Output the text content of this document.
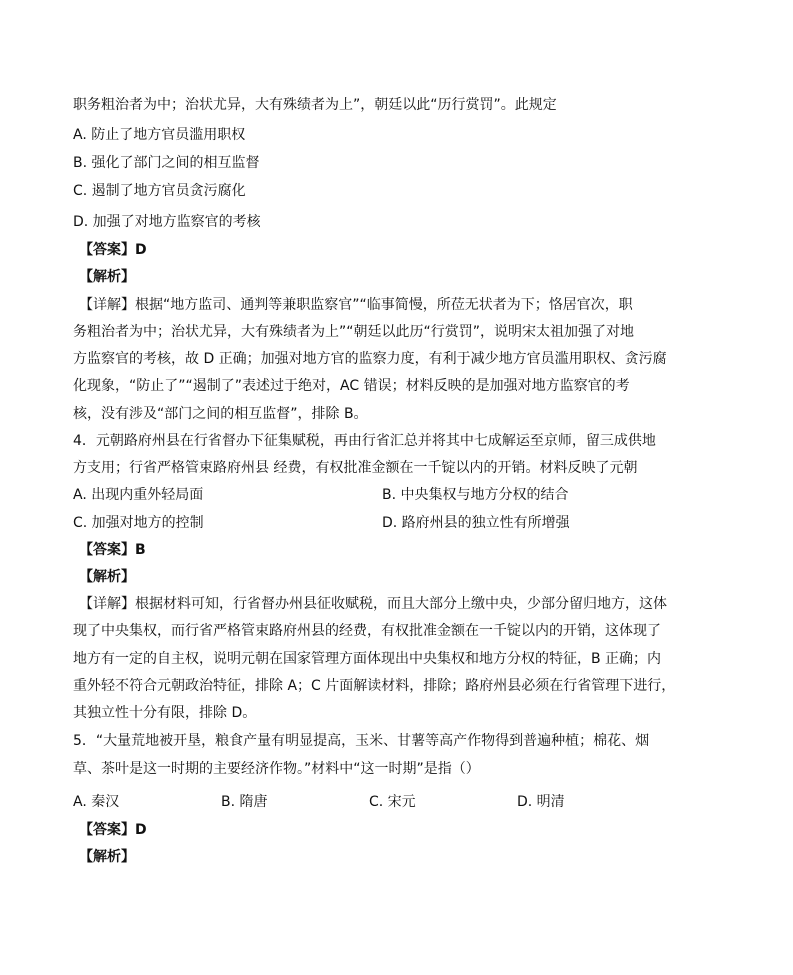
职务粗治者为中；治状尤异，大有殊绩者为上”，朝廷以此“历行赏罚”。此规定
A. 防止了地方官员滥用职权
B. 强化了部门之间的相互监督
C. 遏制了地方官员贪污腐化
D. 加强了对地方监察官的考核
【答案】D
【解析】
【详解】根据“地方监司、通判等兼职监察官”“临事简慢，所莅无状者为下；恪居官次，职
务粗治者为中；治状尤异，大有殊绩者为上”“朝廷以此历“行赏罚”，说明宋太祖加强了对地
方监察官的考核，故 D 正确；加强对地方官的监察力度，有利于减少地方官员滥用职权、贪污腐
化现象，“防止了”“遏制了”表述过于绝对，AC 错误；材料反映的是加强对地方监察官的考
核，没有涉及“部门之间的相互监督”，排除 B。
4．元朝路府州县在行省督办下征集赋税，再由行省汇总并将其中七成解运至京师，留三成供地
方支用；行省严格管束路府州县 经费，有权批准金额在一千锭以内的开销。材料反映了元朝
A. 出现内重外轻局面	B. 中央集权与地方分权的结合
C. 加强对地方的控制	D. 路府州县的独立性有所增强
【答案】B
【解析】
【详解】根据材料可知，行省督办州县征收赋税，而且大部分上缴中央，少部分留归地方，这体
现了中央集权，而行省严格管束路府州县的经费，有权批准金额在一千锭以内的开销，这体现了
地方有一定的自主权，说明元朝在国家管理方面体现出中央集权和地方分权的特征，B 正确；内
重外轻不符合元朝政治特征，排除 A；C 片面解读材料，排除；路府州县必须在行省管理下进行，
其独立性十分有限，排除 D。
5．“大量荒地被开垦，粮食产量有明显提高，玉米、甘薯等高产作物得到普遍种植；棉花、烟
草、茶叶是这一时期的主要经济作物。”材料中“这一时期”是指（）
A. 秦汉	B. 隋唐	C. 宋元	D. 明清
【答案】D
【解析】
